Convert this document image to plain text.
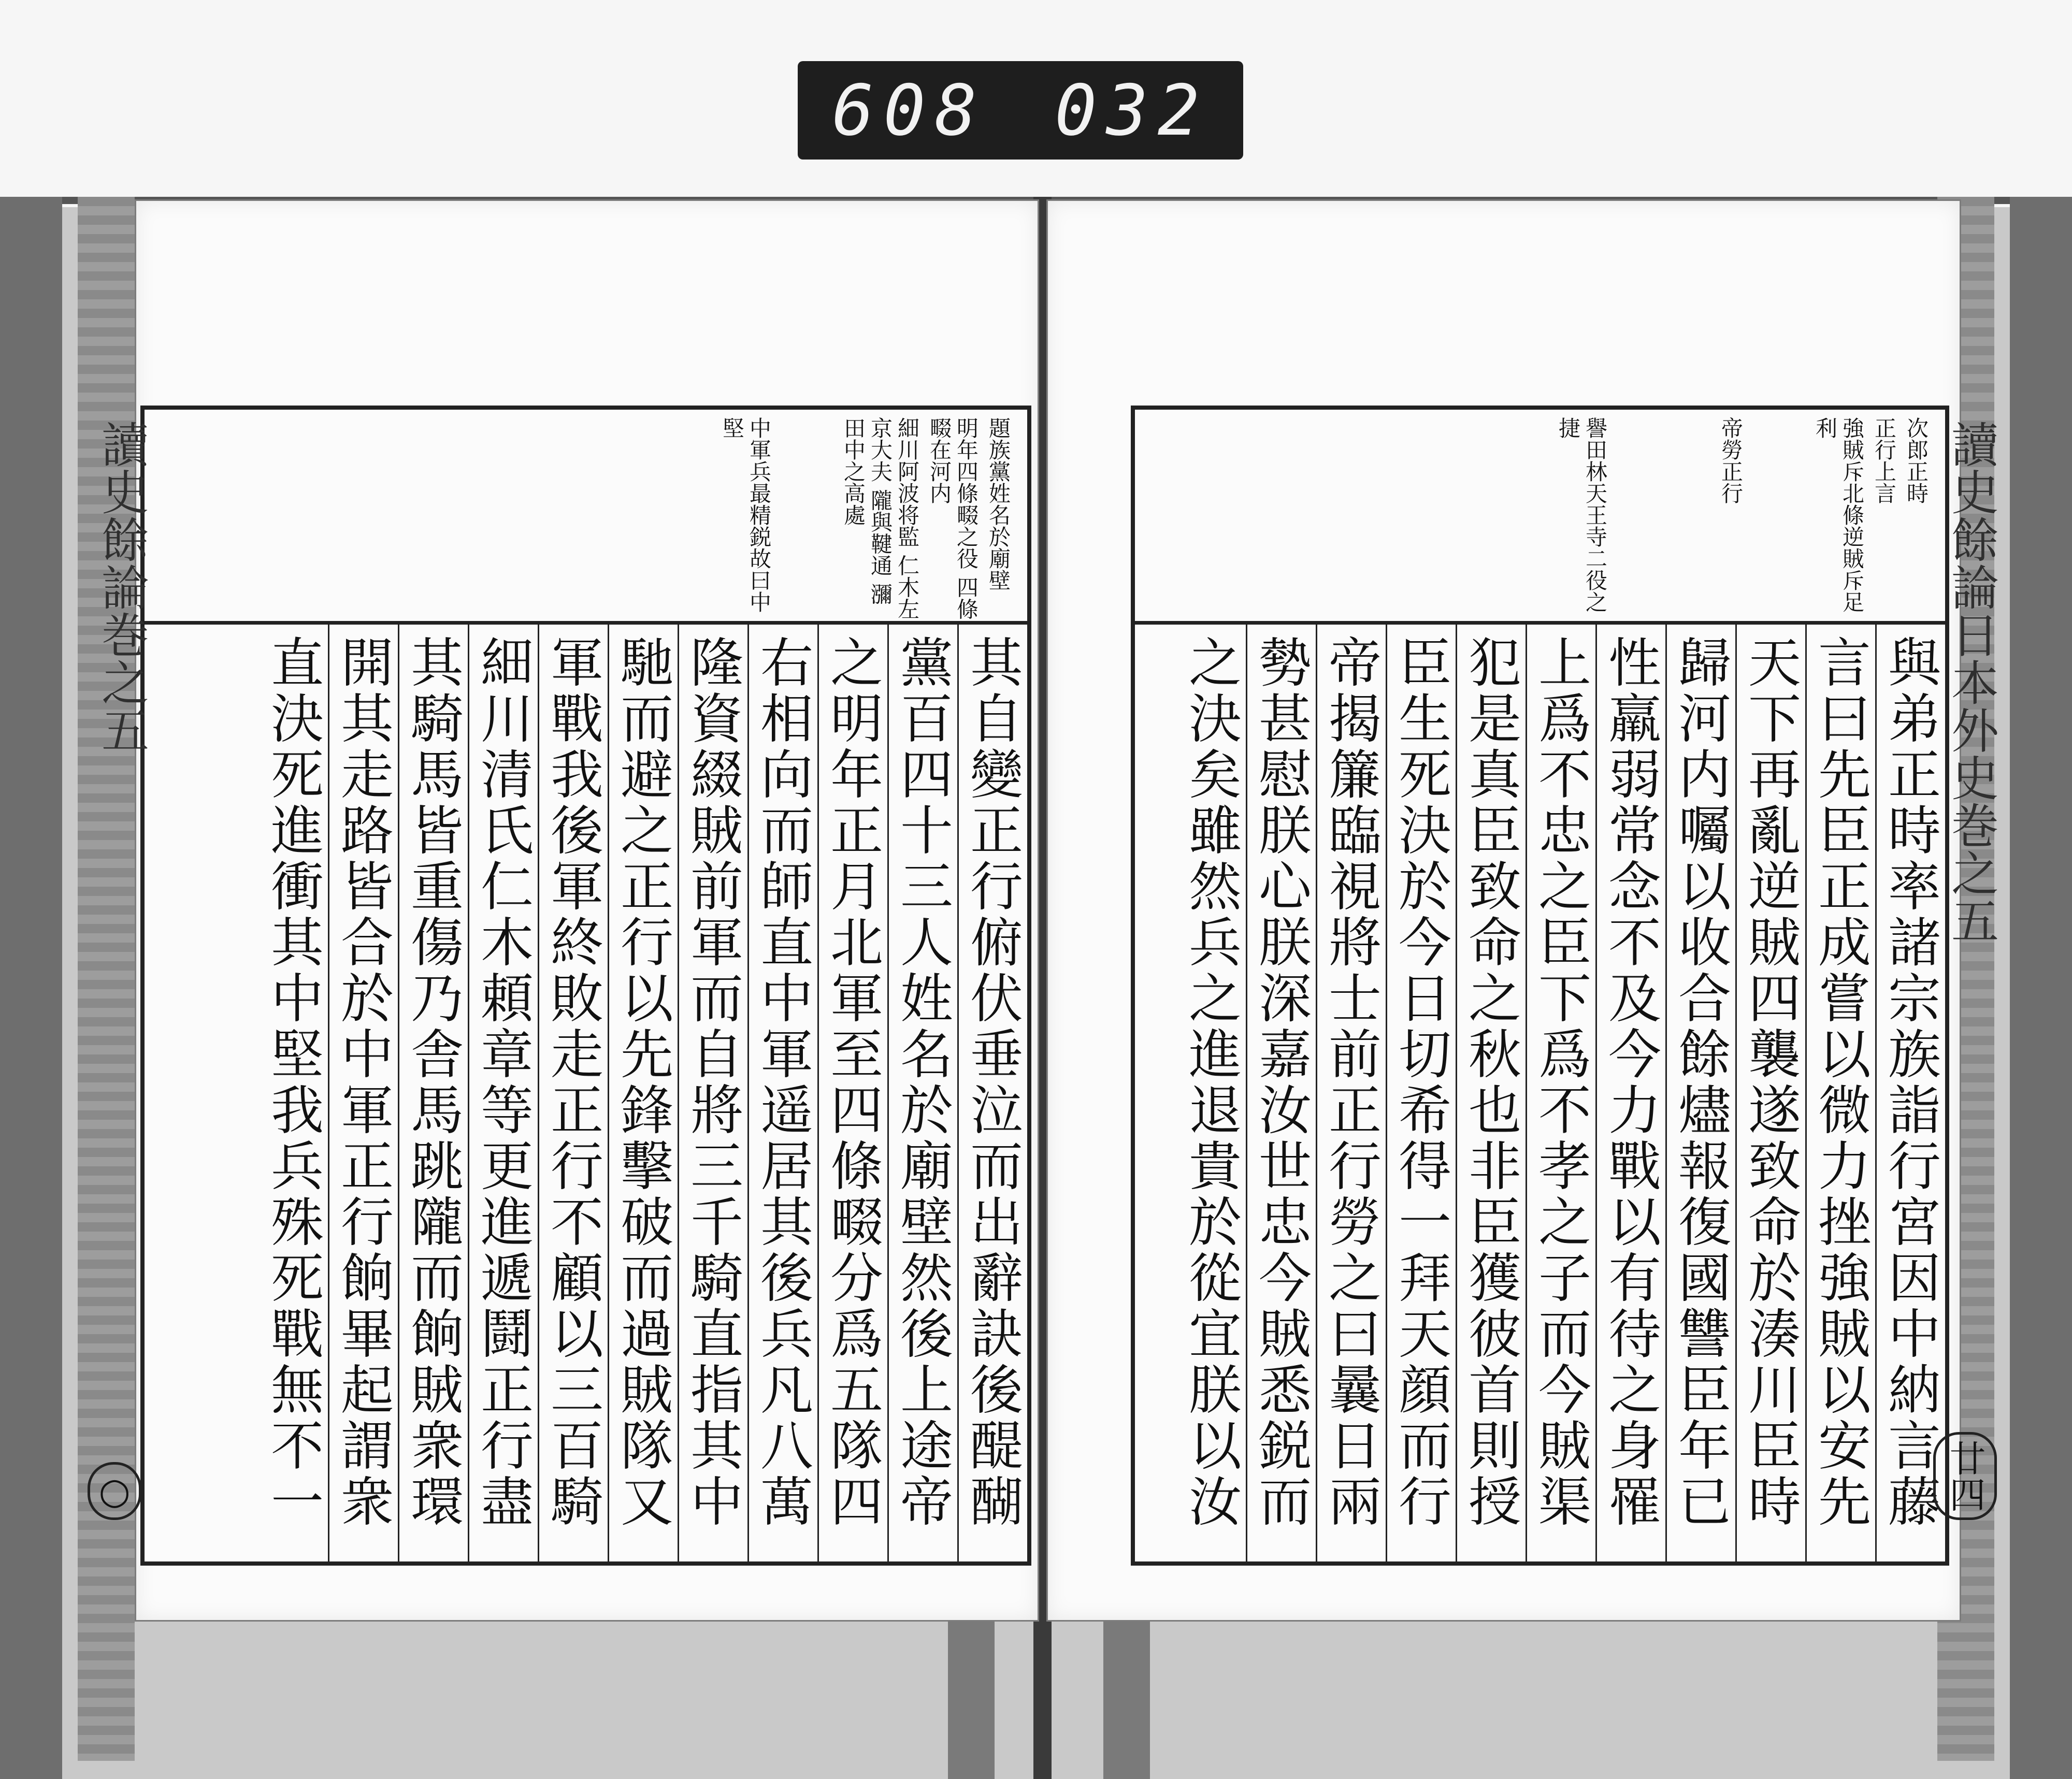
608 032
讀史餘論巻之五	題族黨姓名於廟壁
明年四條畷之役 四條畷在河内
細川阿波将監 仁木左京大夫 隴與鞬通 瀰田中之高處
中軍兵最精鋭故曰中堅
其自變正行俯伏垂泣而出辭訣後醍醐
黨百四十三人姓名於廟壁然後上途帝
之明年正月北軍至四條畷分爲五隊四
右相向而師直中軍遥居其後兵凡八萬
隆資綴賊前軍而自將三千騎直指其中
馳而避之正行以先鋒擊破而過賊隊又
軍戰我後軍終敗走正行不顧以三百騎
細川清氏仁木頼章等更進遞鬪正行盡
其騎馬皆重傷乃舎馬跳隴而餉賊衆環
開其走路皆合於中軍正行餉畢起謂衆
直決死進衝其中堅我兵殊死戰無不一
○
讀史餘論日本外史巻之五
次郎正時
正行上言
強賊斥北條逆賊斥足利
帝勞正行
譽田林天王寺二役之捷
與弟正時率諸宗族詣行宮因中納言藤
言曰先臣正成嘗以微力挫強賊以安先
天下再亂逆賊四襲遂致命於湊川臣時
歸河内囑以收合餘燼報復國讐臣年已
性羸弱常念不及今力戰以有待之身罹
上爲不忠之臣下爲不孝之子而今賊渠
犯是真臣致命之秋也非臣獲彼首則授
臣生死決於今日切希得一拜天顔而行
帝揭簾臨視將士前正行勞之曰曩日兩
勢甚慰朕心朕深嘉汝世忠今賊悉鋭而
之決矣雖然兵之進退貴於從宜朕以汝	廿四
